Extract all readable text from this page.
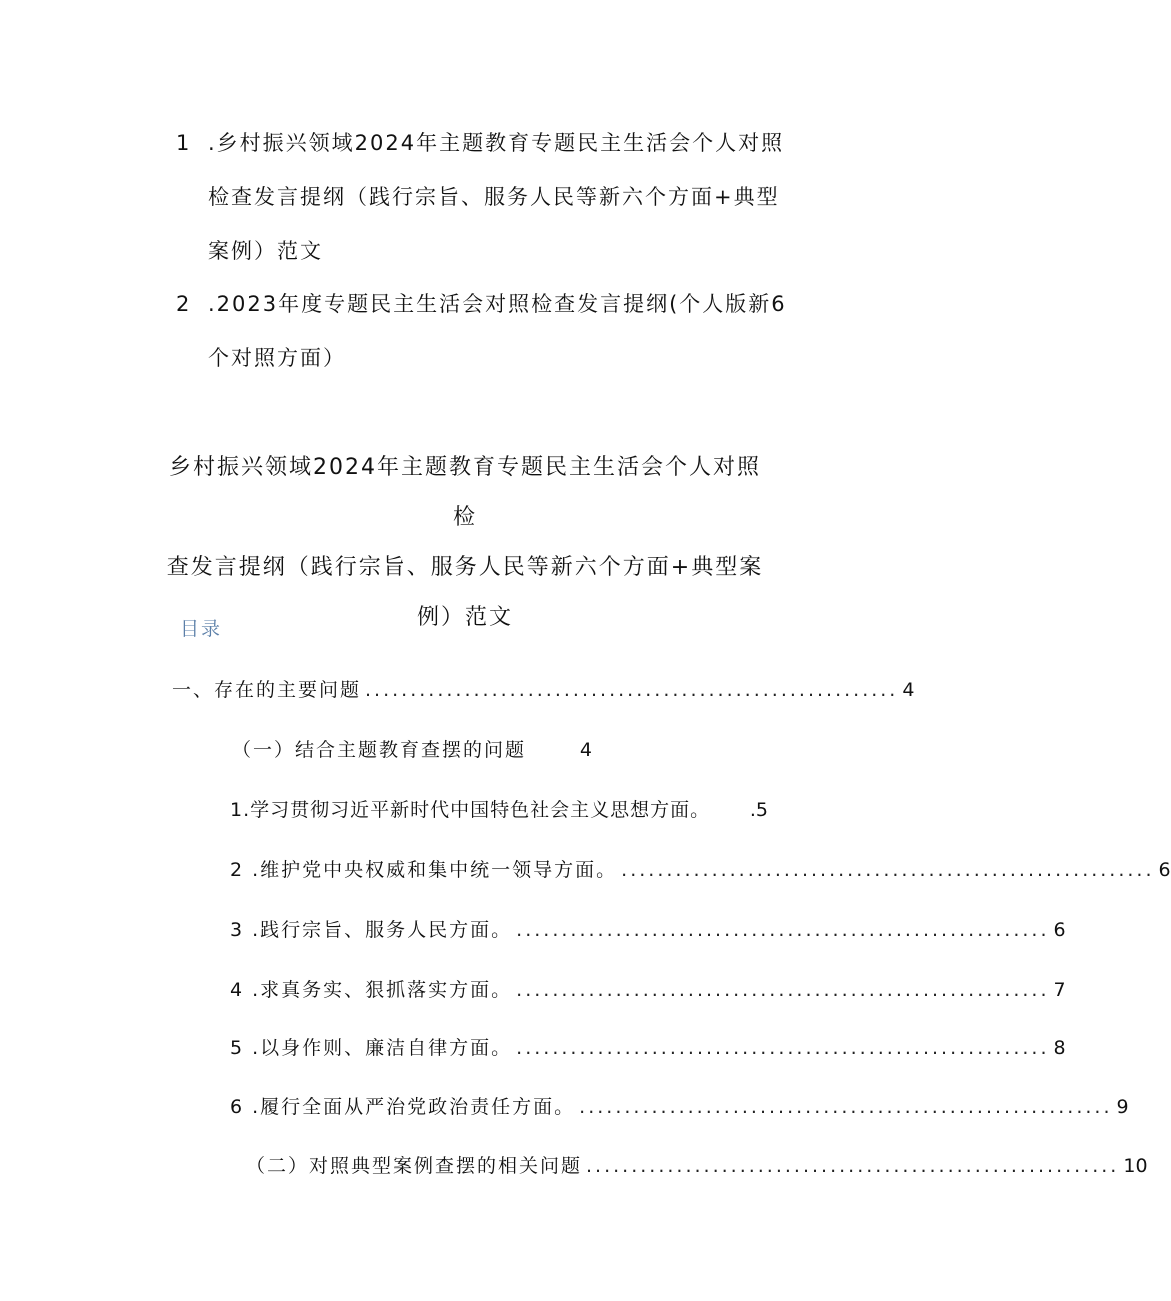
1 .乡村振兴领域2024年主题教育专题民主生活会个人对照
检查发言提纲（践行宗旨、服务人民等新六个方面+典型
案例）范文
2 .2023年度专题民主生活会对照检查发言提纲(个人版新6
个对照方面）
乡村振兴领域2024年主题教育专题民主生活会个人对照检
查发言提纲（践行宗旨、服务人民等新六个方面+典型案
例）范文
目录
一、存在的主要问题 ........................................................... 4
（一）结合主题教育查摆的问题	4
1.学习贯彻习近平新时代中国特色社会主义思想方面。 .5
2 .维护党中央权威和集中统一领导方面。 ........................................................... 6
3 .践行宗旨、服务人民方面。 ........................................................... 6
4 .求真务实、狠抓落实方面。 ........................................................... 7
5 .以身作则、廉洁自律方面。 ........................................................... 8
6 .履行全面从严治党政治责任方面。 ........................................................... 9
（二）对照典型案例查摆的相关问题 ........................................................... 10
